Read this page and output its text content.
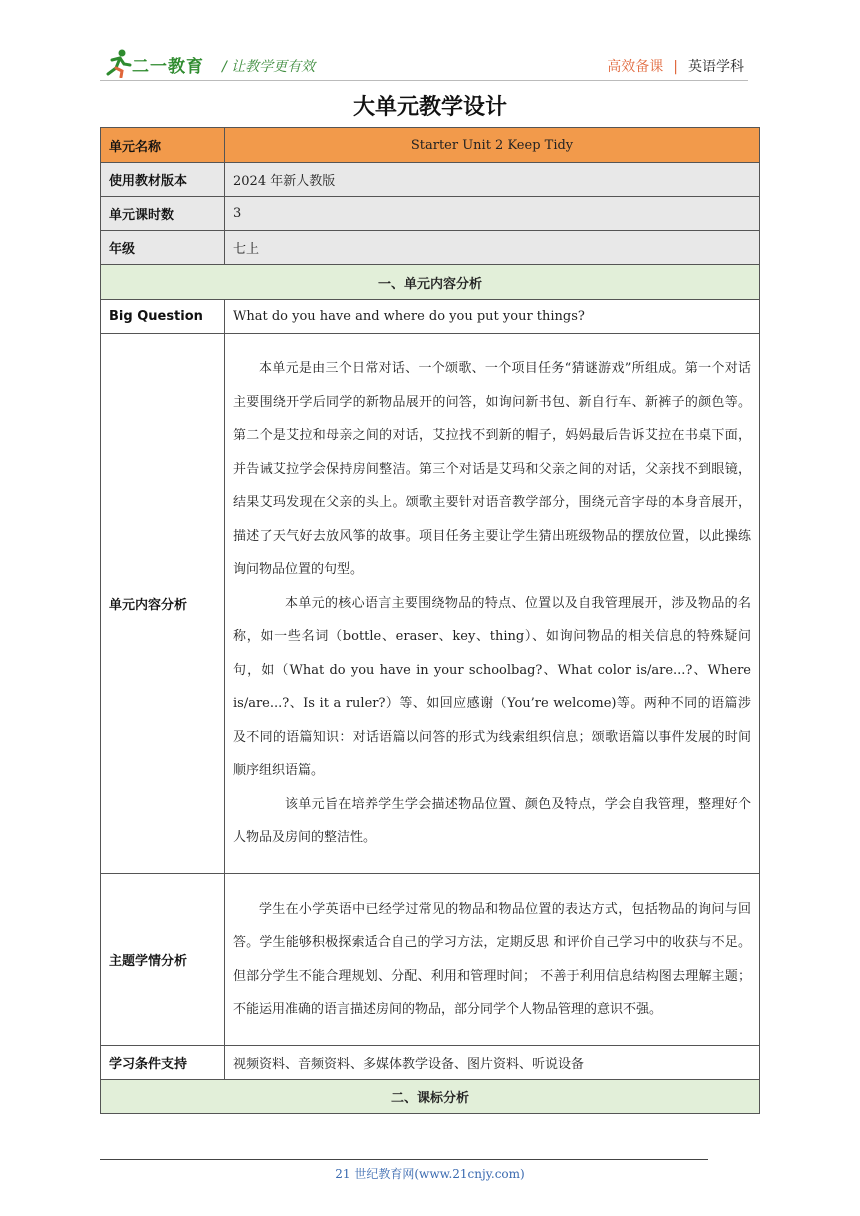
二一教育 / 让教学更有效	高效备课 | 英语学科
大单元教学设计
单元名称	Starter Unit 2 Keep Tidy
使用教材版本	2024 年新人教版
单元课时数	3
年级	七上
一、单元内容分析	
Big Question	What do you have and where do you put your things?
单元内容分析	本单元是由三个日常对话、一个颂歌、一个项目任务“猜谜游戏”所组成。第一个对话主要围绕开学后同学的新物品展开的问答，如询问新书包、新自行车、新裤子的颜色等。第二个是艾拉和母亲之间的对话，艾拉找不到新的帽子，妈妈最后告诉艾拉在书桌下面，并告诫艾拉学会保持房间整洁。第三个对话是艾玛和父亲之间的对话，父亲找不到眼镜，结果艾玛发现在父亲的头上。颂歌主要针对语音教学部分，围绕元音字母的本身音展开，描述了天气好去放风筝的故事。项目任务主要让学生猜出班级物品的摆放位置，以此操练询问物品位置的句型。

本单元的核心语言主要围绕物品的特点、位置以及自我管理展开，涉及物品的名称，如一些名词（bottle、eraser、key、thing）、如询问物品的相关信息的特殊疑问句，如（What do you have in your schoolbag?、What color is/are...?、Where is/are...?、Is it a ruler?）等、如回应感谢（You’re welcome)等。两种不同的语篇涉及不同的语篇知识：对话语篇以问答的形式为线索组织信息；颂歌语篇以事件发展的时间顺序组织语篇。

该单元旨在培养学生学会描述物品位置、颜色及特点，学会自我管理，整理好个人物品及房间的整洁性。

主题学情分析	学生在小学英语中已经学过常见的物品和物品位置的表达方式，包括物品的询问与回答。学生能够积极探索适合自己的学习方法，定期反思 和评价自己学习中的收获与不足。但部分学生不能合理规划、分配、利用和管理时间； 不善于利用信息结构图去理解主题；不能运用准确的语言描述房间的物品，部分同学个人物品管理的意识不强。

学习条件支持	视频资料、音频资料、多媒体教学设备、图片资料、听说设备
二、课标分析	
21 世纪教育网(www.21cnjy.com)
